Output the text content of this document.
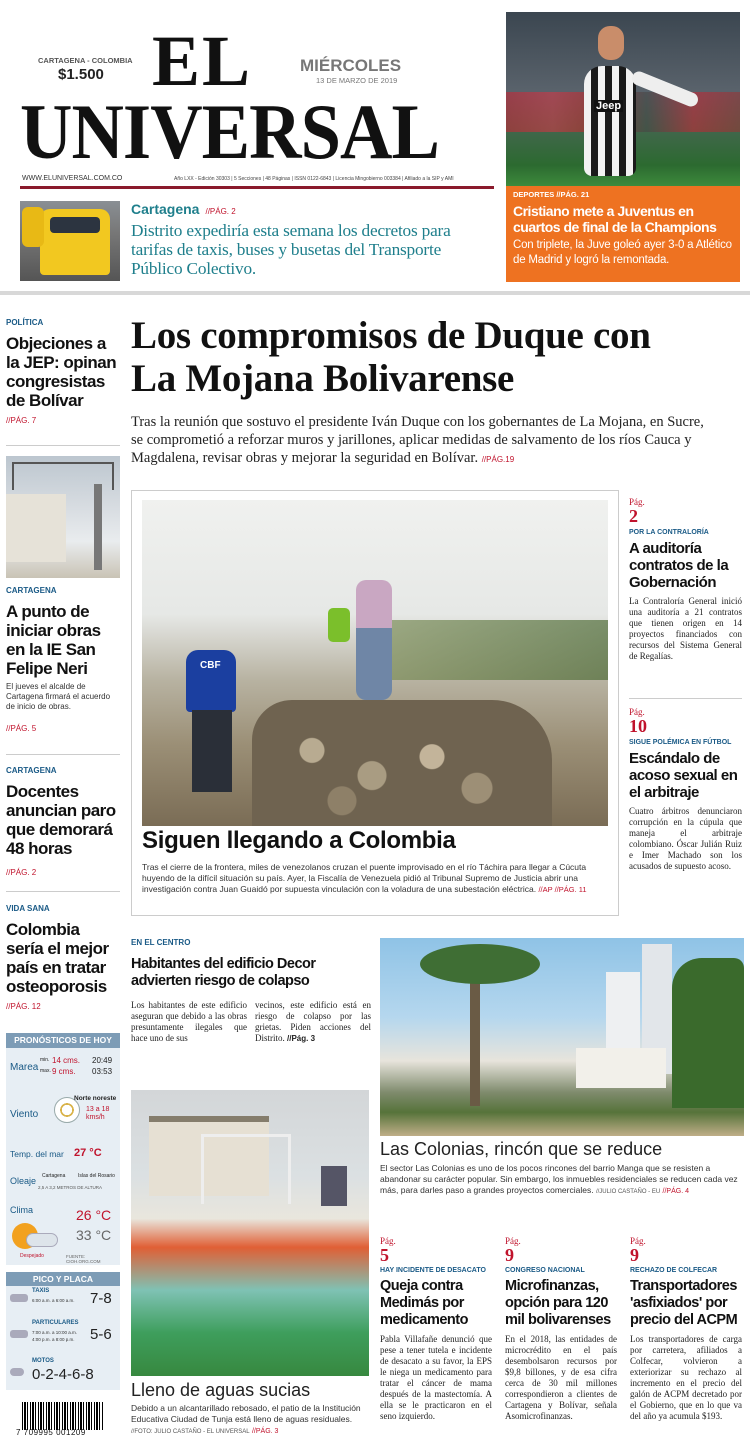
CARTAGENA - COLOMBIA
$1.500 EL
UNIVERSAL
MIÉRCOLES
13 DE MARZO DE 2019
WWW.ELUNIVERSAL.COM.CO	Año LXX - Edición 30303 | 5 Secciones | 48 Páginas | ISSN 0122-6843 | Licencia Mingobierno 003384 | Afiliado a la SIP y AMI
Jeep
DEPORTES //PÁG. 21
Cristiano mete a Juventus en cuartos de final de la Champions
Con triplete, la Juve goleó ayer 3-0 a Atlético de Madrid y logró la remontada.
Cartagena //PÁG. 2
Distrito expediría esta semana los decretos para tarifas de taxis, buses y busetas del Transporte Público Colectivo.
POLÍTICA
Objeciones a la JEP: opinan congresistas de Bolívar
//PÁG. 7
CARTAGENA
A punto de iniciar obras en la IE San Felipe Neri
El jueves el alcalde de Cartagena firmará el acuerdo de inicio de obras.
//PÁG. 5
CARTAGENA
Docentes anuncian paro que demorará 48 horas
//PÁG. 2
VIDA SANA
Colombia sería el mejor país en tratar osteoporosis
//PÁG. 12
PRONÓSTICOS DE HOY
Marea
min. 14 cms. 20:49
max. 9 cms. 03:53
Viento
Norte noreste
13 a 18 kms/h
Temp. del mar 27 °C
Oleaje Cartagena	Islas del Rosario
2,5 A 3,2 METROS DE ALTURA
Clima	26 °C
33 °C
Despejado	FUENTE: CIOH.ORG.COM
PICO Y PLACA
TAXIS
6:00 a.m. a 6:00 a.m. 7-8
PARTICULARES
7:00 a.m. a 10:00 a.m.
4:00 p.m. a 8:00 p.m. 5-6
MOTOS
0-2-4-6-8
7 709995 001209
Los compromisos de Duque con La Mojana Bolivarense
Tras la reunión que sostuvo el presidente Iván Duque con los gobernantes de La Mojana, en Sucre, se comprometió a reforzar muros y jarillones, aplicar medidas de salvamento de los ríos Cauca y Magdalena, revisar obras y mejorar la seguridad en Bolívar. //PÁG.19
CBF
Siguen llegando a Colombia
Tras el cierre de la frontera, miles de venezolanos cruzan el puente improvisado en el río Táchira para llegar a Cúcuta huyendo de la difícil situación su país. Ayer, la Fiscalía de Venezuela pidió al Tribunal Supremo de Justicia abrir una investigación contra Juan Guaidó por supuesta vinculación con la voladura de una subestación eléctrica. //AP //PÁG. 11
Pág.
2
POR LA CONTRALORÍA
A auditoría contratos de la Gobernación
La Contraloría General inició una auditoría a 21 contratos que tienen origen en 14 proyectos financiados con recursos del Sistema General de Regalías.
Pág.
10
SIGUE POLÉMICA EN FÚTBOL
Escándalo de acoso sexual en el arbitraje
Cuatro árbitros denunciaron corrupción en la cúpula que maneja el arbitraje colombiano. Óscar Julián Ruiz e Imer Machado son los acusados de supuesto acoso.
EN EL CENTRO
Habitantes del edificio Decor advierten riesgo de colapso
Los habitantes de este edificio aseguran que debido a las obras presuntamente ilegales que hace uno de sus
vecinos, este edificio está en riesgo de colapso por las grietas. Piden acciones del Distrito. //Pág. 3
Lleno de aguas sucias
Debido a un alcantarillado rebosado, el patio de la Institución Educativa Ciudad de Tunja está lleno de aguas residuales. //FOTO: JULIO CASTAÑO - EL UNIVERSAL //PÁG. 3
Las Colonias, rincón que se reduce
El sector Las Colonias es uno de los pocos rincones del barrio Manga que se resisten a abandonar su carácter popular. Sin embargo, los inmuebles residenciales se reducen cada vez más, para darles paso a grandes proyectos comerciales. //JULIO CASTAÑO - EU //PÁG. 4
Pág.
5
HAY INCIDENTE DE DESACATO
Queja contra Medimás por medicamento
Pabla Villafañe denunció que pese a tener tutela e incidente de desacato a su favor, la EPS le niega un medicamento para tratar el cáncer de mama después de la mastectomía. A ella se le practicaron en el seno izquierdo.
Pág.
9
CONGRESO NACIONAL
Microfinanzas, opción para 120 mil bolivarenses
En el 2018, las entidades de microcrédito en el país desembolsaron recursos por $9,8 billones, y de esa cifra cerca de 30 mil millones correspondieron a clientes de Cartagena y Bolívar, señala Asomicrofinanzas.
Pág.
9
RECHAZO DE COLFECAR
Transportadores 'asfixiados' por precio del ACPM
Los transportadores de carga por carretera, afiliados a Colfecar, volvieron a exteriorizar su rechazo al incremento en el precio del galón de ACPM decretado por el Gobierno, que en lo que va del año ya acumula $193.
